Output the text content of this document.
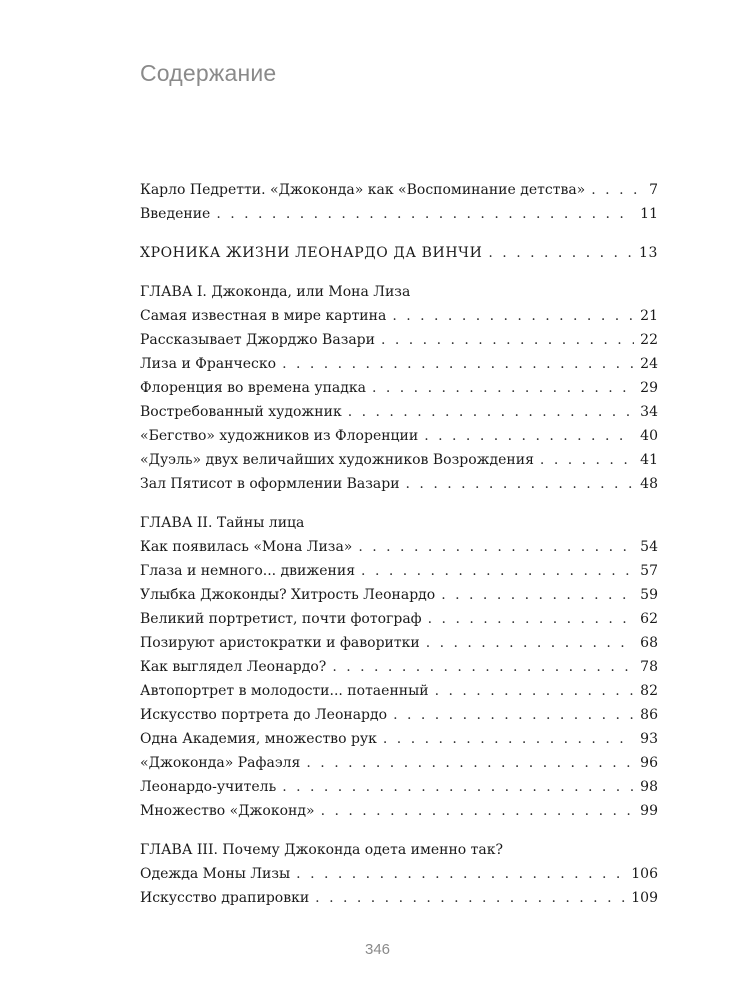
Содержание
Карло Педретти. «Джоконда» как «Воспоминание детства» . . .	7
Введение . . .	11
ХРОНИКА ЖИЗНИ ЛЕОНАРДО ДА ВИНЧИ . . .	13
ГЛАВА I. Джоконда, или Мона Лиза
Самая известная в мире картина . . .	21
Рассказывает Джорджо Вазари . . .	22
Лиза и Франческо . . .	24
Флоренция во времена упадка . . .	29
Востребованный художник . . .	34
«Бегство» художников из Флоренции . . .	40
«Дуэль» двух величайших художников Возрождения . . .	41
Зал Пятисот в оформлении Вазари . . .	48
ГЛАВА II. Тайны лица
Как появилась «Мона Лиза» . . .	54
Глаза и немного... движения . . .	57
Улыбка Джоконды? Хитрость Леонардо . . .	59
Великий портретист, почти фотограф . . .	62
Позируют аристократки и фаворитки . . .	68
Как выглядел Леонардо? . . .	78
Автопортрет в молодости... потаенный . . .	82
Искусство портрета до Леонардо . . .	86
Одна Академия, множество рук . . .	93
«Джоконда» Рафаэля . . .	96
Леонардо-учитель . . .	98
Множество «Джоконд» . . .	99
ГЛАВА III. Почему Джоконда одета именно так?
Одежда Моны Лизы . . .	106
Искусство драпировки . . .	109
346
